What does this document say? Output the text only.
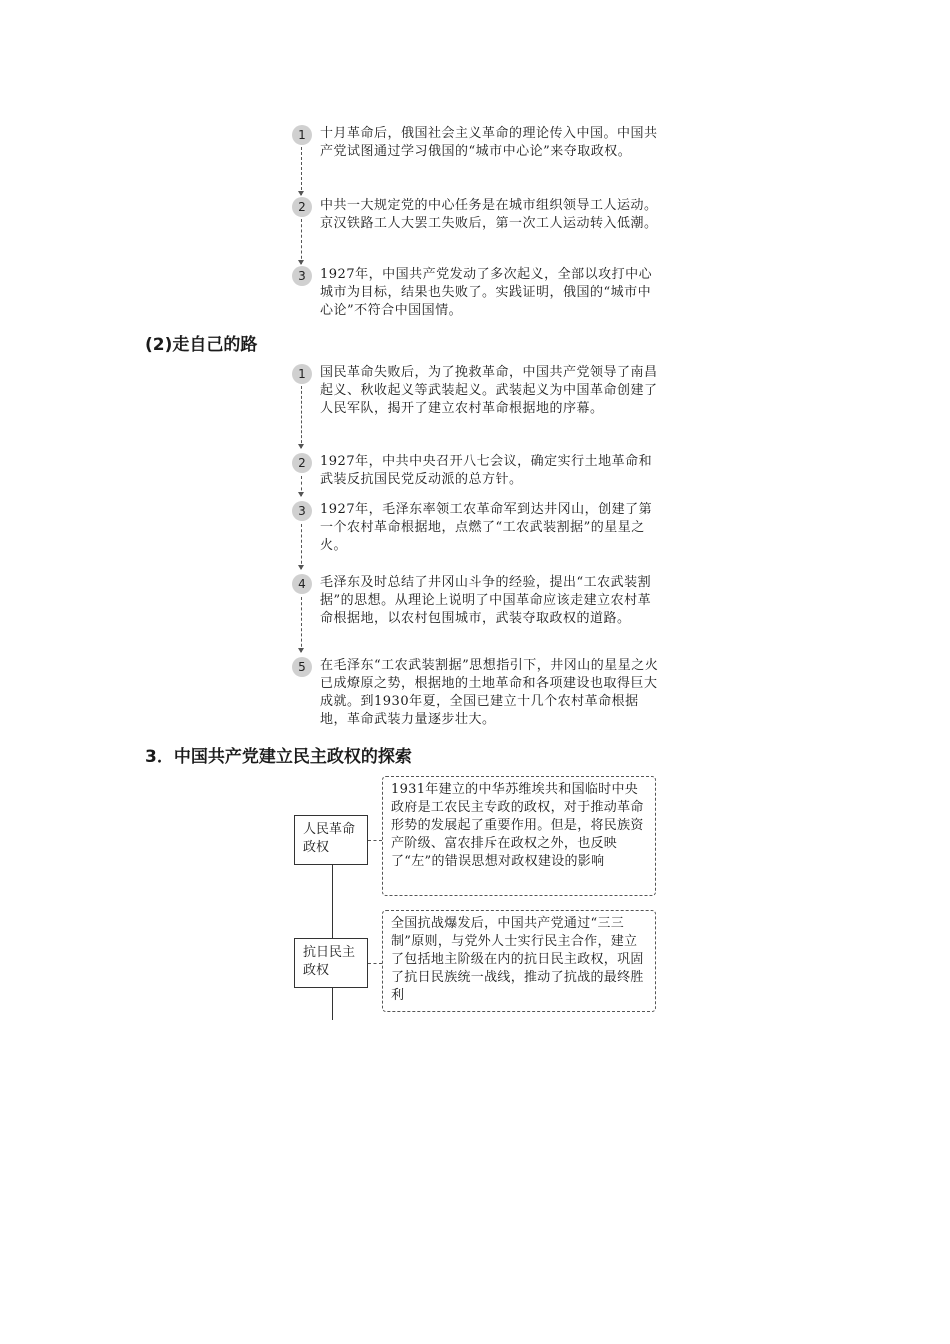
1	十月革命后，俄国社会主义革命的理论传入中国。中国共产党试图通过学习俄国的“城市中心论”来夺取政权。
2	中共一大规定党的中心任务是在城市组织领导工人运动。京汉铁路工人大罢工失败后，第一次工人运动转入低潮。
3	1927年，中国共产党发动了多次起义，全部以攻打中心城市为目标，结果也失败了。实践证明，俄国的“城市中心论”不符合中国国情。
(2)走自己的路
1	国民革命失败后，为了挽救革命，中国共产党领导了南昌起义、秋收起义等武装起义。武装起义为中国革命创建了人民军队，揭开了建立农村革命根据地的序幕。
2	1927年，中共中央召开八七会议，确定实行土地革命和武装反抗国民党反动派的总方针。
3	1927年，毛泽东率领工农革命军到达井冈山，创建了第一个农村革命根据地，点燃了“工农武装割据”的星星之火。
4	毛泽东及时总结了井冈山斗争的经验，提出“工农武装割据”的思想。从理论上说明了中国革命应该走建立农村革命根据地，以农村包围城市，武装夺取政权的道路。
5	在毛泽东“工农武装割据”思想指引下，井冈山的星星之火已成燎原之势，根据地的土地革命和各项建设也取得巨大成就。到1930年夏，全国已建立十几个农村革命根据地，革命武装力量逐步壮大。
3．中国共产党建立民主政权的探索
人民革命政权
1931年建立的中华苏维埃共和国临时中央政府是工农民主专政的政权，对于推动革命形势的发展起了重要作用。但是，将民族资产阶级、富农排斥在政权之外，也反映了“左”的错误思想对政权建设的影响
抗日民主政权
全国抗战爆发后，中国共产党通过“三三制”原则，与党外人士实行民主合作，建立了包括地主阶级在内的抗日民主政权，巩固了抗日民族统一战线，推动了抗战的最终胜利
